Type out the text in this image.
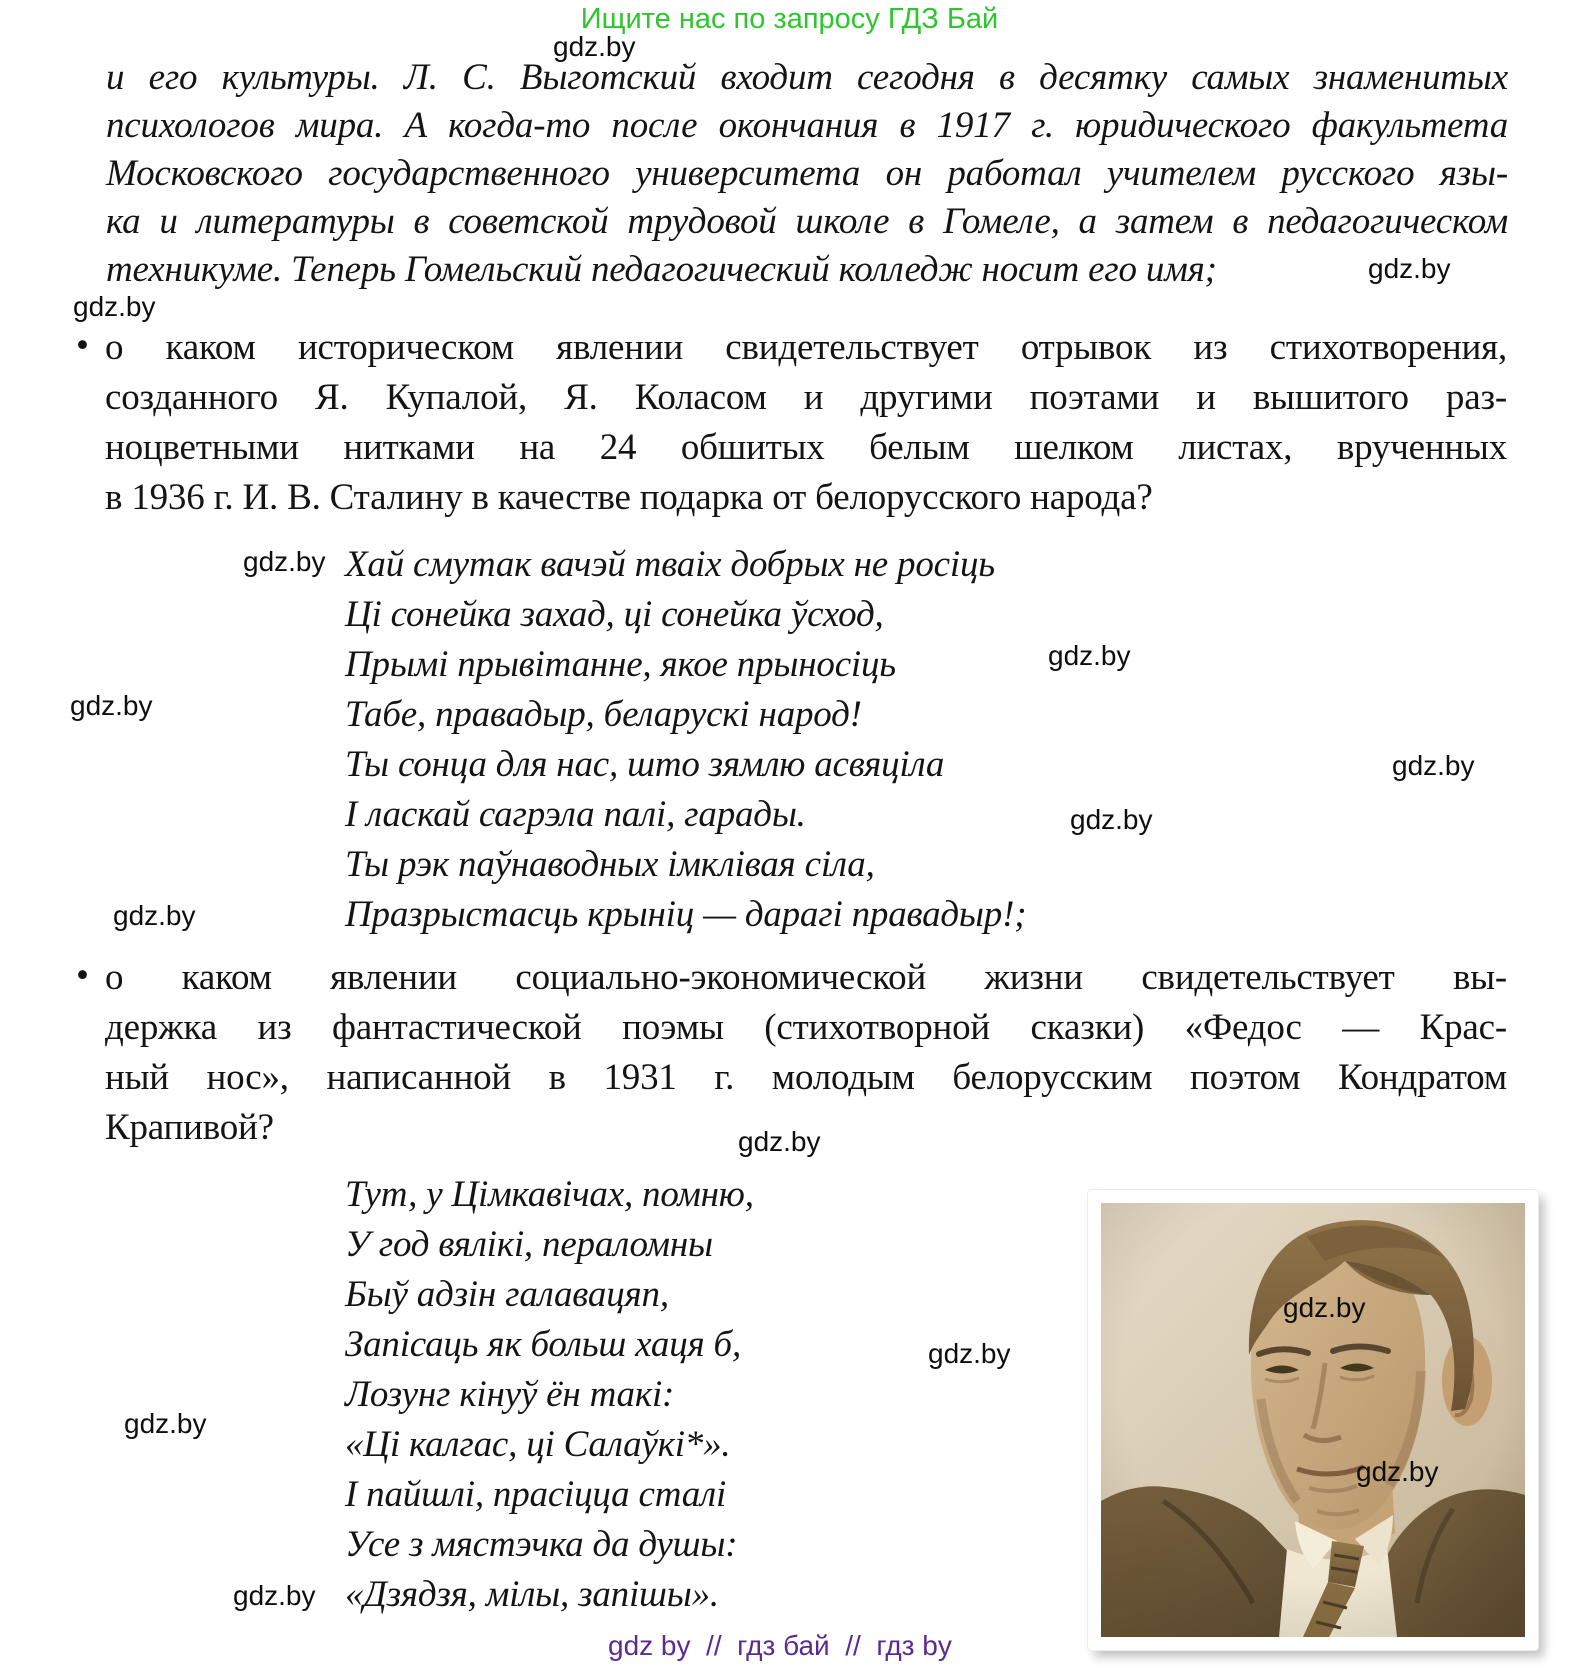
Ищите нас по запросу ГДЗ Бай
gdz.by
gdz.by
gdz.by
gdz.by
gdz.by
gdz.by
gdz.by
gdz.by
gdz.by
gdz.by
gdz.by
gdz.by
gdz.by
gdz.by
gdz.by
и его культуры. Л. С. Выготский входит сегодня в десятку самых знаменитых
психологов мира. А когда-то после окончания в 1917 г. юридического факультета
Московского государственного университета он работал учителем русского язы-
ка и литературы в советской трудовой школе в Гомеле, а затем в педагогическом
техникуме. Теперь Гомельский педагогический колледж носит его имя;
• о каком историческом явлении свидетельствует отрывок из стихотворения,
созданного Я. Купалой, Я. Коласом и другими поэтами и вышитого раз-
ноцветными нитками на 24 обшитых белым шелком листах, врученных
в 1936 г. И. В. Сталину в качестве подарка от белорусского народа?
Хай смутак вачэй тваіх добрых не росіць
Ці сонейка захад, ці сонейка ўсход,
Прымі прывітанне, якое прыносіць
Табе, правадыр, беларускі народ!
Ты сонца для нас, што зямлю асвяціла
І ласкай сагрэла палі, гарады.
Ты рэк паўнаводных імклівая сіла,
Празрыстасць крыніц — дарагі правадыр!;
• о каком явлении социально-экономической жизни свидетельствует вы-
держка из фантастической поэмы (стихотворной сказки) «Федос — Крас-
ный нос», написанной в 1931 г. молодым белорусским поэтом Кондратом
Крапивой?
Тут, у Цімкавічах, помню,
У год вялікі, пераломны
Быў адзін галавацяп,
Запісаць як больш хаця б,
Лозунг кінуў ён такі:
«Ці калгас, ці Салаўкі*».
І пайшлі, прасіцца сталі
Усе з мястэчка да душы:
«Дзядзя, мілы, запішы».
gdz by  //  гдз бай  //  гдз by
